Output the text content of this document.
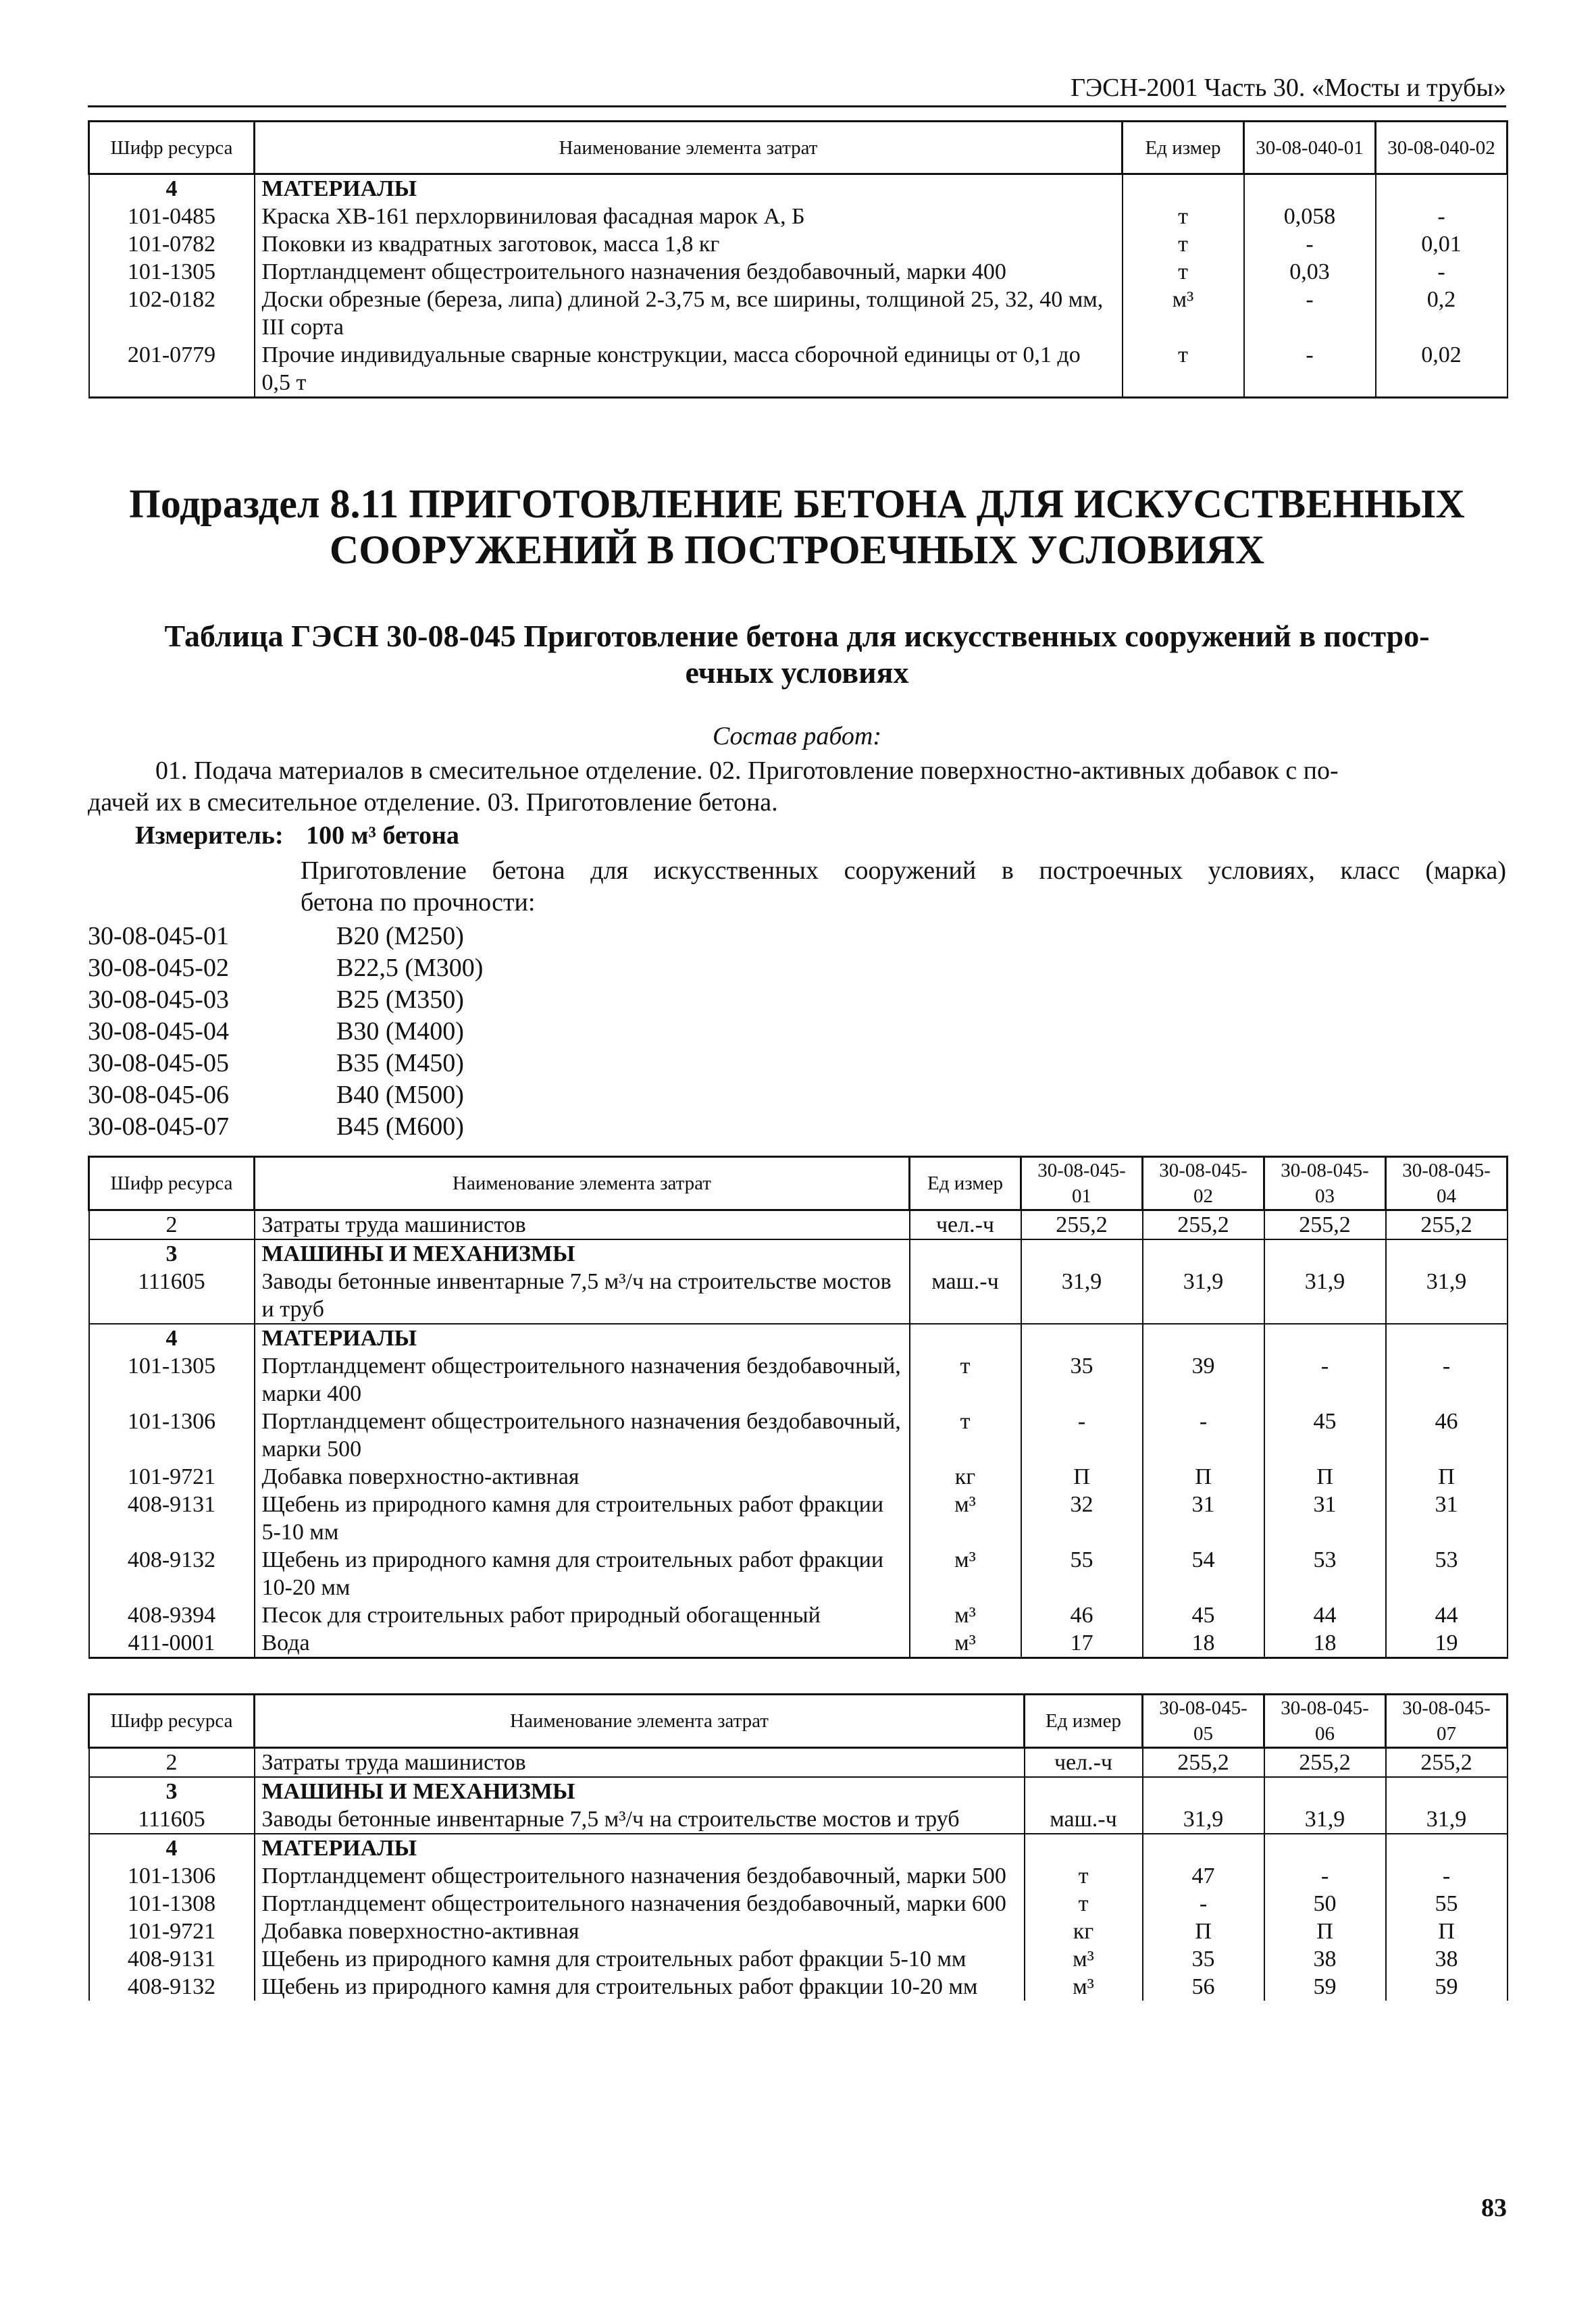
ГЭСН-2001 Часть 30. «Мосты и трубы»
Шифр ресурса	Наименование элемента затрат	Ед измер	30-08-040-01	30-08-040-02
4	МАТЕРИАЛЫ			
101-0485	Краска ХВ-161 перхлорвиниловая фасадная марок А, Б	т	0,058	-
101-0782	Поковки из квадратных заготовок, масса 1,8 кг	т	-	0,01
101-1305	Портландцемент общестроительного назначения бездобавочный, марки 400	т	0,03	-
102-0182	Доски обрезные (береза, липа) длиной 2-3,75 м, все ширины, толщиной 25, 32, 40 мм, III сорта	м³	-	0,2
201-0779	Прочие индивидуальные сварные конструкции, масса сборочной единицы от 0,1 до 0,5 т	т	-	0,02
Подраздел 8.11 ПРИГОТОВЛЕНИЕ БЕТОНА ДЛЯ ИСКУССТВЕННЫХ
СООРУЖЕНИЙ В ПОСТРОЕЧНЫХ УСЛОВИЯХ
Таблица ГЭСН 30-08-045 Приготовление бетона для искусственных сооружений в постро-
ечных условиях
Состав работ:
01. Подача материалов в смесительное отделение. 02. Приготовление поверхностно-активных добавок с по-
дачей их в смесительное отделение. 03. Приготовление бетона.
Измеритель: 100 м³ бетона
Приготовление бетона для искусственных сооружений в построечных условиях, класс (марка)
бетона по прочности:
30-08-045-01	В20 (М250)
30-08-045-02	В22,5 (М300)
30-08-045-03	В25 (М350)
30-08-045-04	В30 (М400)
30-08-045-05	В35 (М450)
30-08-045-06	В40 (М500)
30-08-045-07	В45 (М600)
Шифр ресурса	Наименование элемента затрат	Ед измер	30-08-045-01	30-08-045-02	30-08-045-03	30-08-045-04
2	Затраты труда машинистов	чел.-ч	255,2	255,2	255,2	255,2
3	МАШИНЫ И МЕХАНИЗМЫ					
111605	Заводы бетонные инвентарные 7,5 м³/ч на строительстве мостов и труб	маш.-ч	31,9	31,9	31,9	31,9
4	МАТЕРИАЛЫ					
101-1305	Портландцемент общестроительного назначения бездобавочный, марки 400	т	35	39	-	-
101-1306	Портландцемент общестроительного назначения бездобавочный, марки 500	т	-	-	45	46
101-9721	Добавка поверхностно-активная	кг	П	П	П	П
408-9131	Щебень из природного камня для строительных работ фракции 5-10 мм	м³	32	31	31	31
408-9132	Щебень из природного камня для строительных работ фракции 10-20 мм	м³	55	54	53	53
408-9394	Песок для строительных работ природный обогащенный	м³	46	45	44	44
411-0001	Вода	м³	17	18	18	19
Шифр ресурса	Наименование элемента затрат	Ед измер	30-08-045-05	30-08-045-06	30-08-045-07
2	Затраты труда машинистов	чел.-ч	255,2	255,2	255,2
3	МАШИНЫ И МЕХАНИЗМЫ				
111605	Заводы бетонные инвентарные 7,5 м³/ч на строительстве мостов и труб	маш.-ч	31,9	31,9	31,9
4	МАТЕРИАЛЫ				
101-1306	Портландцемент общестроительного назначения бездобавочный, марки 500	т	47	-	-
101-1308	Портландцемент общестроительного назначения бездобавочный, марки 600	т	-	50	55
101-9721	Добавка поверхностно-активная	кг	П	П	П
408-9131	Щебень из природного камня для строительных работ фракции 5-10 мм	м³	35	38	38
408-9132	Щебень из природного камня для строительных работ фракции 10-20 мм	м³	56	59	59
83
